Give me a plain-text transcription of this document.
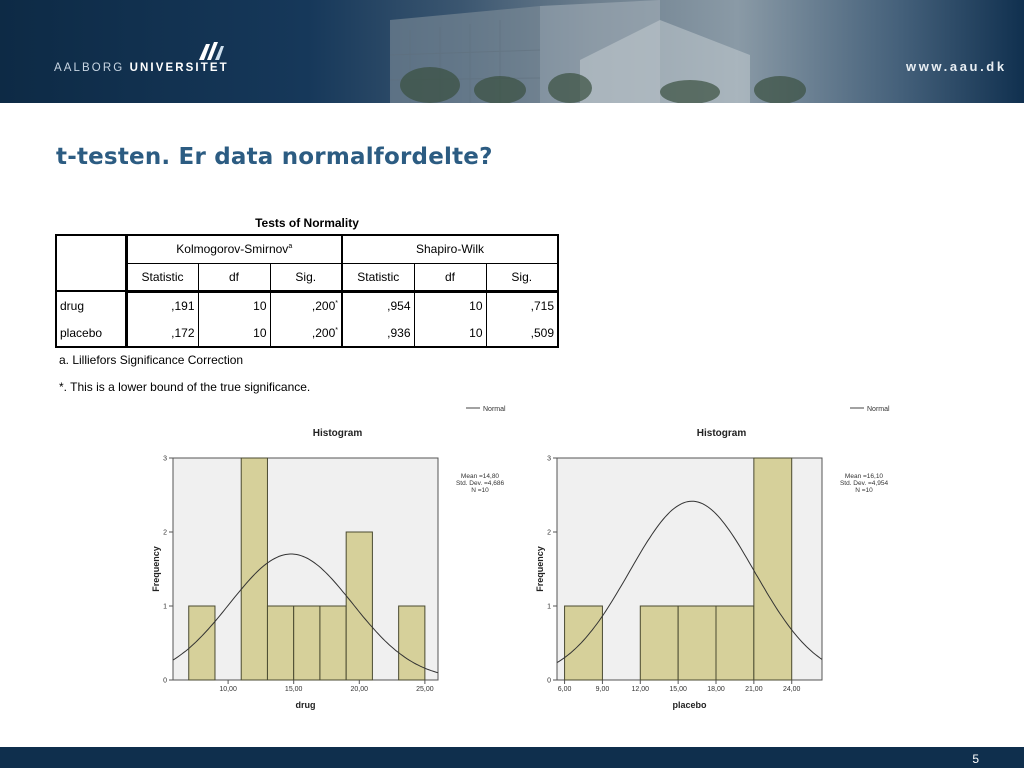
AALBORG UNIVERSITET	www.aau.dk
t-testen. Er data normalfordelte?
Tests of Normality
	Kolmogorov-Smirnov$^a$			Shapiro-Wilk		
	Statistic	df	Sig.	Statistic	df	Sig.
drug	,191	10	,200*	,954	10	,715
placebo	,172	10	,200*	,936	10	,509
a. Lilliefors Significance Correction
*. This is a lower bound of the true significance.
Normal
Histogram
0
1
2
3
10,00	15,00	20,00	25,00
drug
Frequency
Mean =14,80
Std. Dev. =4,686
N =10
Normal
Histogram
0
1
2
3
6,00	9,00	12,00	15,00	18,00	21,00	24,00
placebo
Frequency
Mean =16,10
Std. Dev. =4,954
N =10
5
